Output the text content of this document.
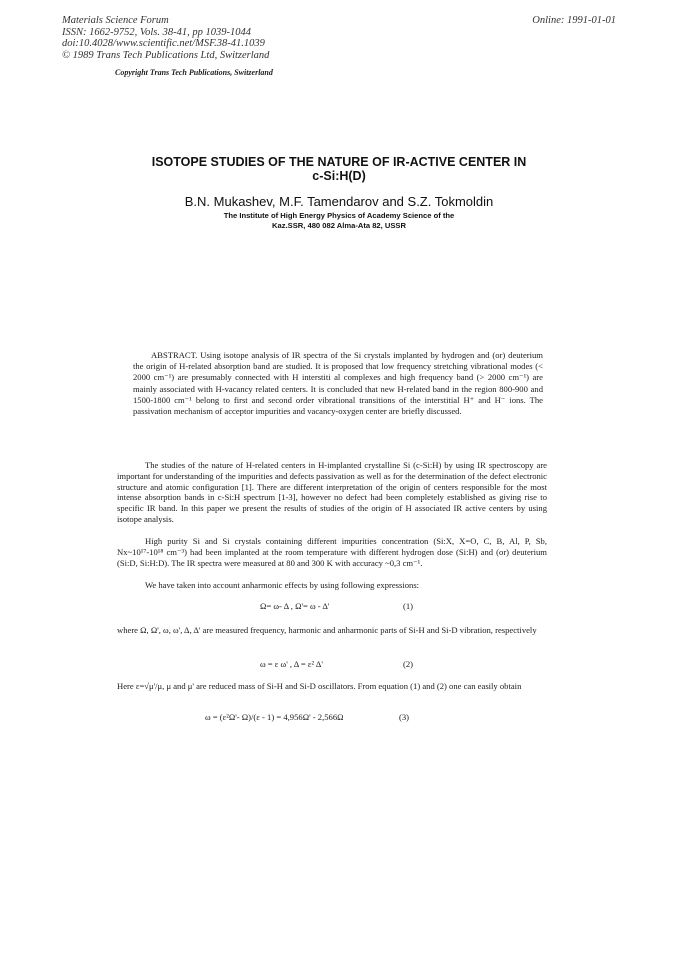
Materials Science Forum
ISSN: 1662-9752, Vols. 38-41, pp 1039-1044
doi:10.4028/www.scientific.net/MSF.38-41.1039
© 1989 Trans Tech Publications Ltd, Switzerland
Online: 1991-01-01
Copyright Trans Tech Publications, Switzerland
ISOTOPE STUDIES OF THE NATURE OF IR-ACTIVE CENTER IN
c-Si:H(D)
B.N. Mukashev, M.F. Tamendarov and S.Z. Tokmoldin
The Institute of High Energy Physics of Academy Science of the
Kaz.SSR, 480 082 Alma-Ata 82, USSR

ABSTRACT. Using isotope analysis of IR spectra of the Si crystals implanted by hydrogen and (or) deuterium the origin of H-related absorption band are studied. It is proposed that low frequency stretching vibrational modes (< 2000 cm⁻¹) are presumably connected with H interstiti al complexes and high frequency band (> 2000 cm⁻¹) are mainly associated with H-vacancy related centers. It is concluded that new H-related band in the region 800-900 and 1500-1800 cm⁻¹ belong to first and second order vibrational transitions of the interstitial H⁺ and H⁻ ions. The passivation mechanism of acceptor impurities and vacancy-oxygen center are briefly discussed.

The studies of the nature of H-related centers in H-implanted crystalline Si (c-Si:H) by using IR spectroscopy are important for understanding of the impurities and defects passivation as well as for the determination of the defect electronic structure and atomic configuration [1]. There are different interpretation of the origin of centers responsible for the most intense absorption bands in c-Si:H spectrum [1-3], however no defect had been completely established as giving rise to specific IR band. In this paper we present the results of studies of the origin of H associated IR active centers by using isotope analysis.

High purity Si and Si crystals containing different impurities concentration (Si:X, X=O, C, B, Al, P, Sb, Nx~10¹⁷-10¹⁸ cm⁻³) had been implanted at the room temperature with different hydrogen dose (Si:H) and (or) deuterium (Si:D, Si:H:D). The IR spectra were measured at 80 and 300 K with accuracy ~0,3 cm⁻¹.

We have taken into account anharmonic effects by using following expressions:

Ω= ω- Δ , Ω'= ω - Δ'	(1)

where Ω, Ω', ω, ω', Δ, Δ' are measured frequency, harmonic and anharmonic parts of Si-H and Si-D vibration, respectively

ω = ε ω' , Δ = ε² Δ'	(2)

Here ε=√μ'/μ, μ and μ' are reduced mass of Si-H and Si-D oscillators. From equation (1) and (2) one can easily obtain

ω = (ε²Ω'- Ω)/(ε - 1) = 4,956Ω' - 2,566Ω	(3)
